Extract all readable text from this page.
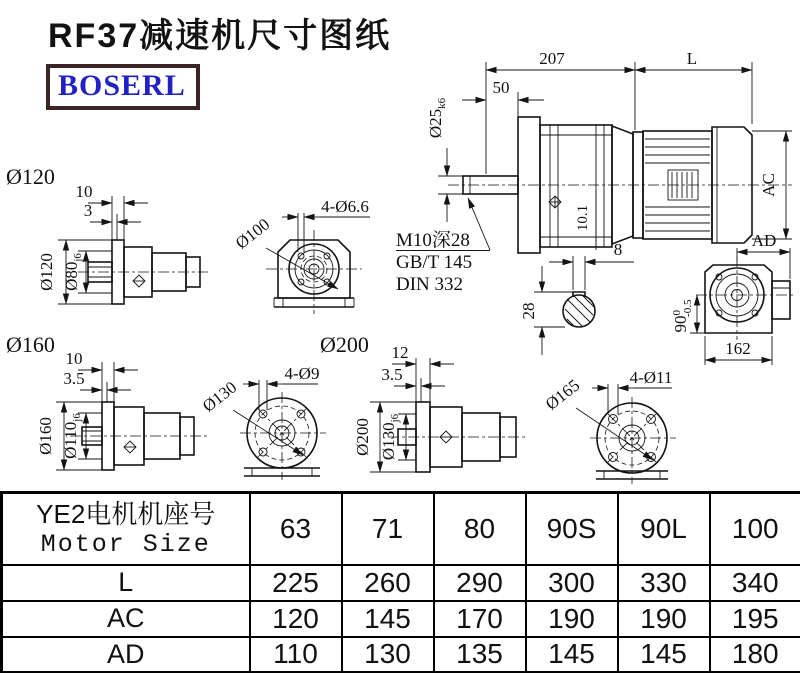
RF37减速机尺寸图纸
BOSERL
207	L
50
$Ø25_{k6}$
AC
10.1
M10深28
GB/T 145
DIN 332
8
28
AD
$90^0-0.5$
162
Ø120
10
3
Ø120 $Ø80_{j6}$
4-Ø6.6
Ø100
Ø160
10
3.5
Ø160 $Ø110_{j6}$
Ø200
4-Ø9
Ø130
12
3.5
Ø200 $Ø130_{j6}$
4-Ø11
Ø165
YE2电机机座号
Motor Size	63	71	80	90S	90L	100
L	225	260	290	300	330	340
AC	120	145	170	190	190	195
AD	110	130	135	145	145	180
